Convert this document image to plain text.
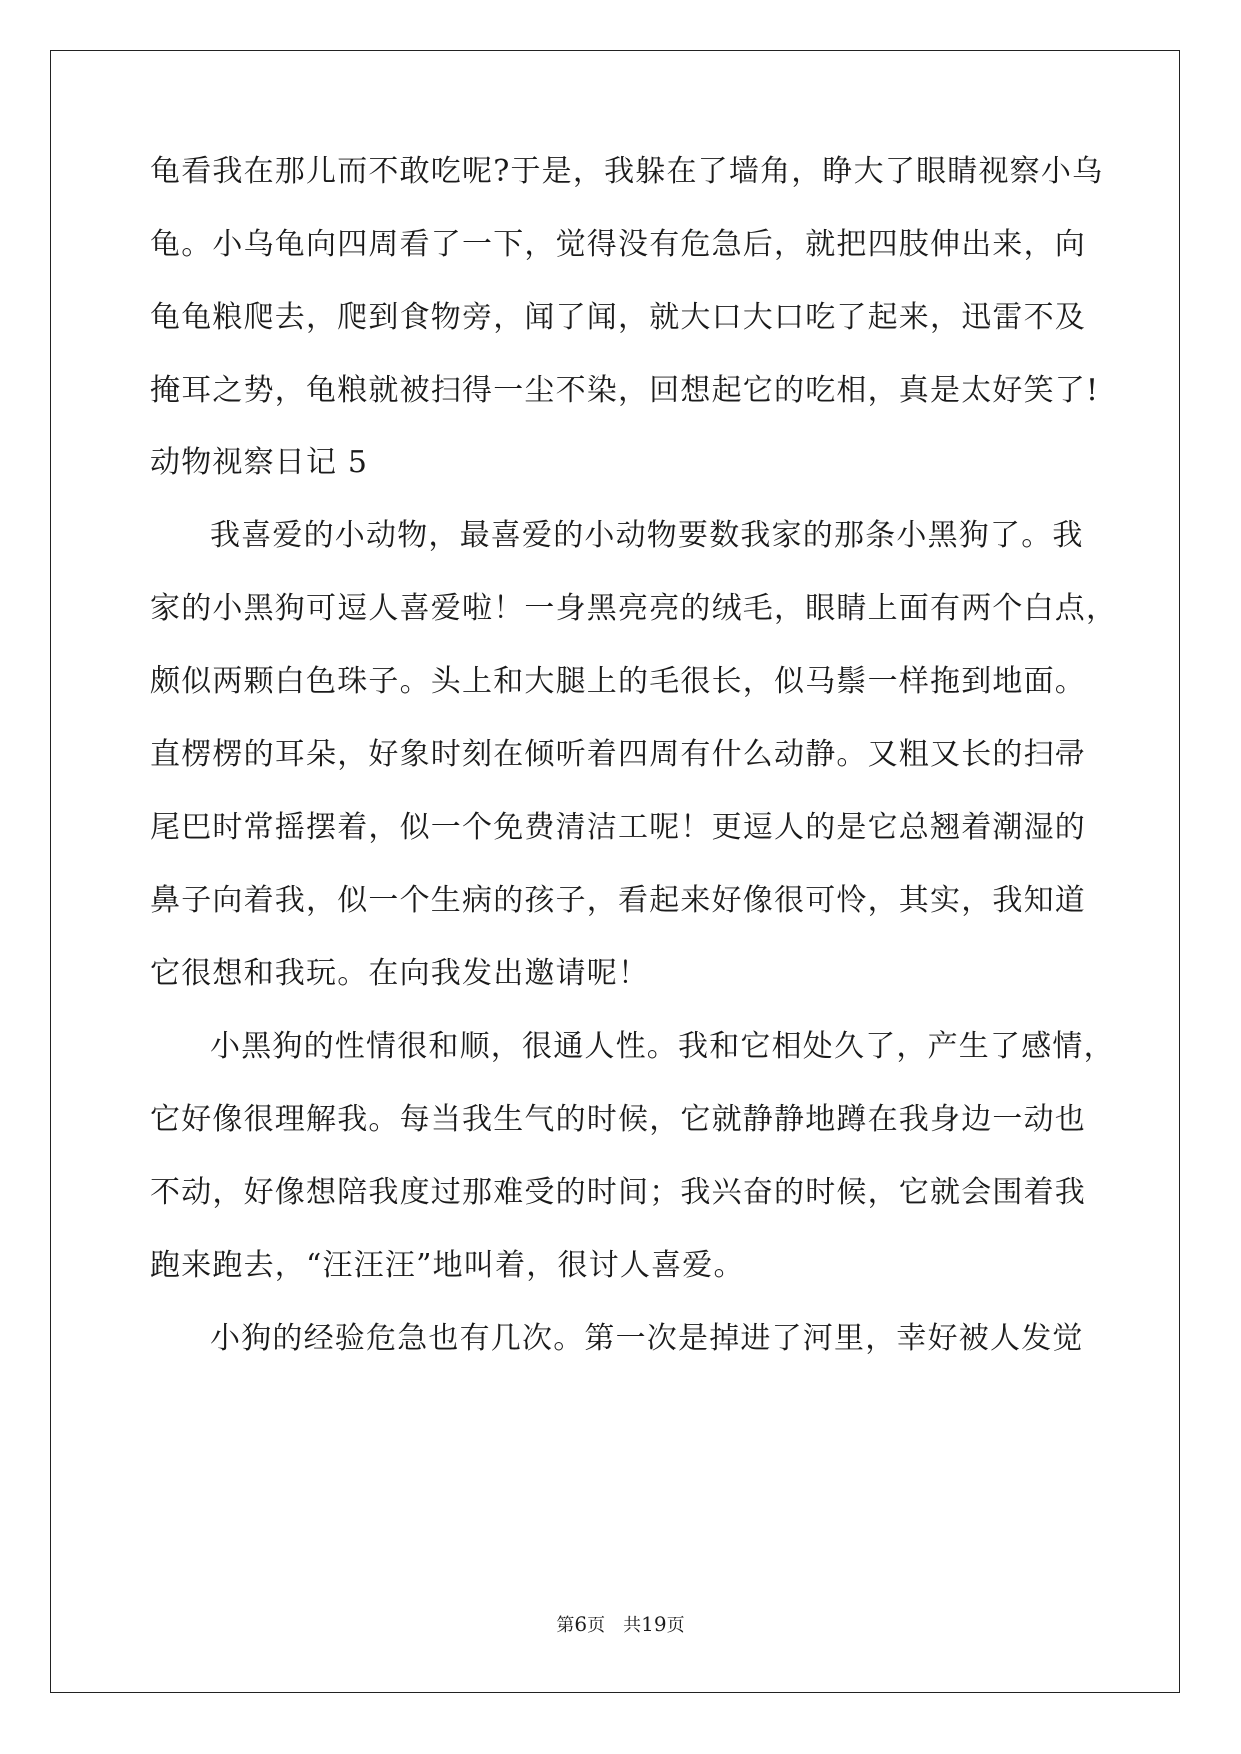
龟看我在那儿而不敢吃呢?于是，我躲在了墙角，睁大了眼睛视察小乌
龟。小乌龟向四周看了一下，觉得没有危急后，就把四肢伸出来，向
龟龟粮爬去，爬到食物旁，闻了闻，就大口大口吃了起来，迅雷不及
掩耳之势，龟粮就被扫得一尘不染，回想起它的吃相，真是太好笑了!
动物视察日记 5
我喜爱的小动物，最喜爱的小动物要数我家的那条小黑狗了。我
家的小黑狗可逗人喜爱啦！一身黑亮亮的绒毛，眼睛上面有两个白点，
颇似两颗白色珠子。头上和大腿上的毛很长，似马鬃一样拖到地面。
直楞楞的耳朵，好象时刻在倾听着四周有什么动静。又粗又长的扫帚
尾巴时常摇摆着，似一个免费清洁工呢！更逗人的是它总翘着潮湿的
鼻子向着我，似一个生病的孩子，看起来好像很可怜，其实，我知道
它很想和我玩。在向我发出邀请呢！
小黑狗的性情很和顺，很通人性。我和它相处久了，产生了感情，
它好像很理解我。每当我生气的时候，它就静静地蹲在我身边一动也
不动，好像想陪我度过那难受的时间；我兴奋的时候，它就会围着我
跑来跑去，“汪汪汪”地叫着，很讨人喜爱。
小狗的经验危急也有几次。第一次是掉进了河里，幸好被人发觉
第6页　共19页
